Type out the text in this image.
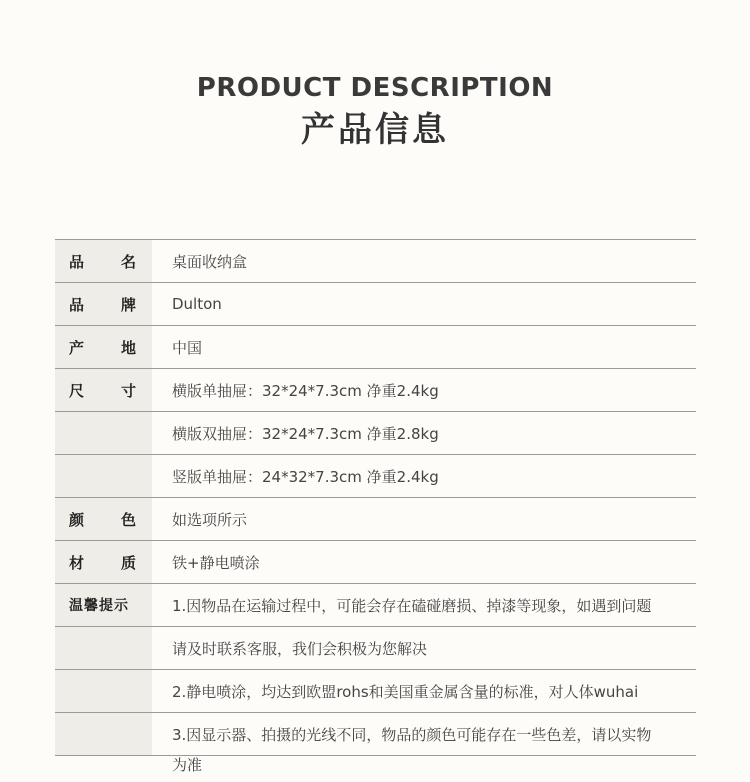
PRODUCT DESCRIPTION
产品信息
品 名	桌面收纳盒
品 牌	Dulton
产 地	中国
尺 寸	横版单抽屉：32*24*7.3cm 净重2.4kg
横版双抽屉：32*24*7.3cm 净重2.8kg
竖版单抽屉：24*32*7.3cm 净重2.4kg
颜 色	如选项所示
材 质	铁+静电喷涂
温馨提示	1.因物品在运输过程中，可能会存在磕碰磨损、掉漆等现象，如遇到问题
请及时联系客服，我们会积极为您解决
2.静电喷涂，均达到欧盟rohs和美国重金属含量的标准，对人体wuhai
3.因显示器、拍摄的光线不同，物品的颜色可能存在一些色差，请以实物
为准
